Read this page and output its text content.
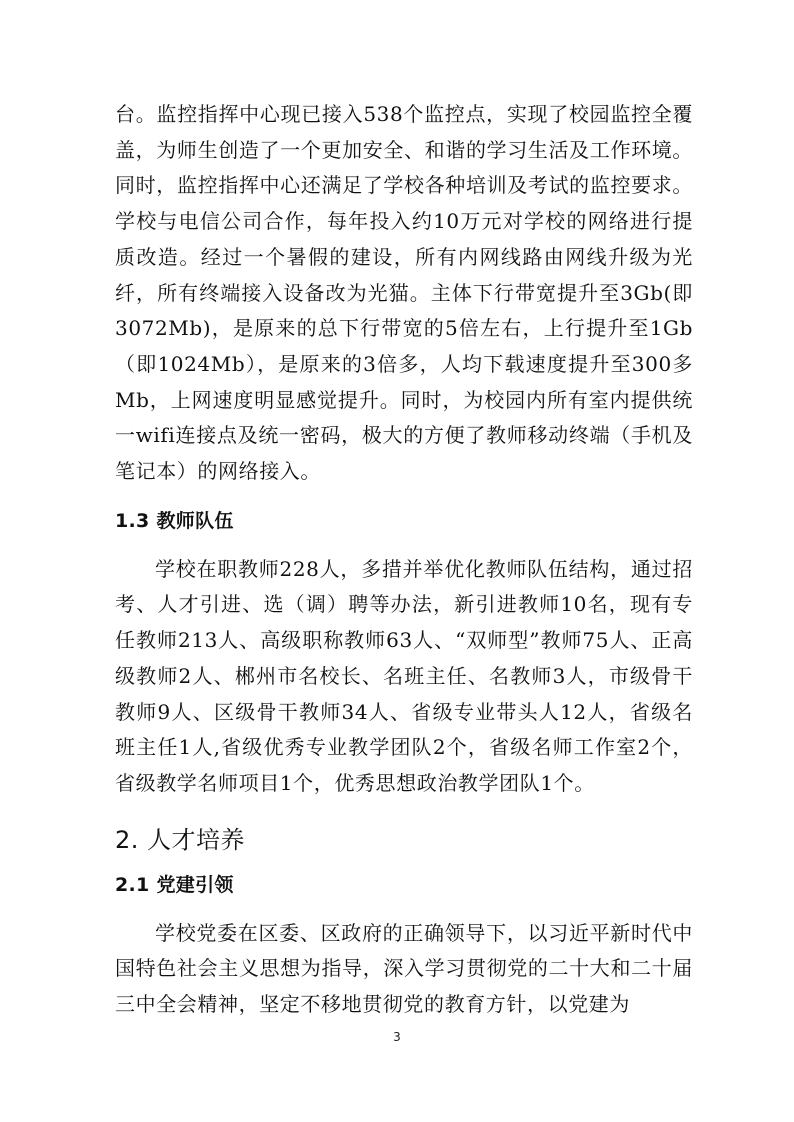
台。监控指挥中心现已接入538个监控点，实现了校园监控全覆盖，为师生创造了一个更加安全、和谐的学习生活及工作环境。同时，监控指挥中心还满足了学校各种培训及考试的监控要求。学校与电信公司合作，每年投入约10万元对学校的网络进行提质改造。经过一个暑假的建设，所有内网线路由网线升级为光纤，所有终端接入设备改为光猫。主体下行带宽提升至3Gb(即3072Mb)，是原来的总下行带宽的5倍左右，上行提升至1Gb（即1024Mb），是原来的3倍多，人均下载速度提升至300多Mb，上网速度明显感觉提升。同时，为校园内所有室内提供统一wifi连接点及统一密码，极大的方便了教师移动终端（手机及笔记本）的网络接入。

1.3 教师队伍

学校在职教师228人，多措并举优化教师队伍结构，通过招考、人才引进、选（调）聘等办法，新引进教师10名，现有专任教师213人、高级职称教师63人、“双师型”教师75人、正高级教师2人、郴州市名校长、名班主任、名教师3人，市级骨干教师9人、区级骨干教师34人、省级专业带头人12人，省级名班主任1人,省级优秀专业教学团队2个，省级名师工作室2个，省级教学名师项目1个，优秀思想政治教学团队1个。

2. 人才培养
2.1 党建引领

学校党委在区委、区政府的正确领导下，以习近平新时代中国特色社会主义思想为指导，深入学习贯彻党的二十大和二十届三中全会精神，坚定不移地贯彻党的教育方针，以党建为

3
